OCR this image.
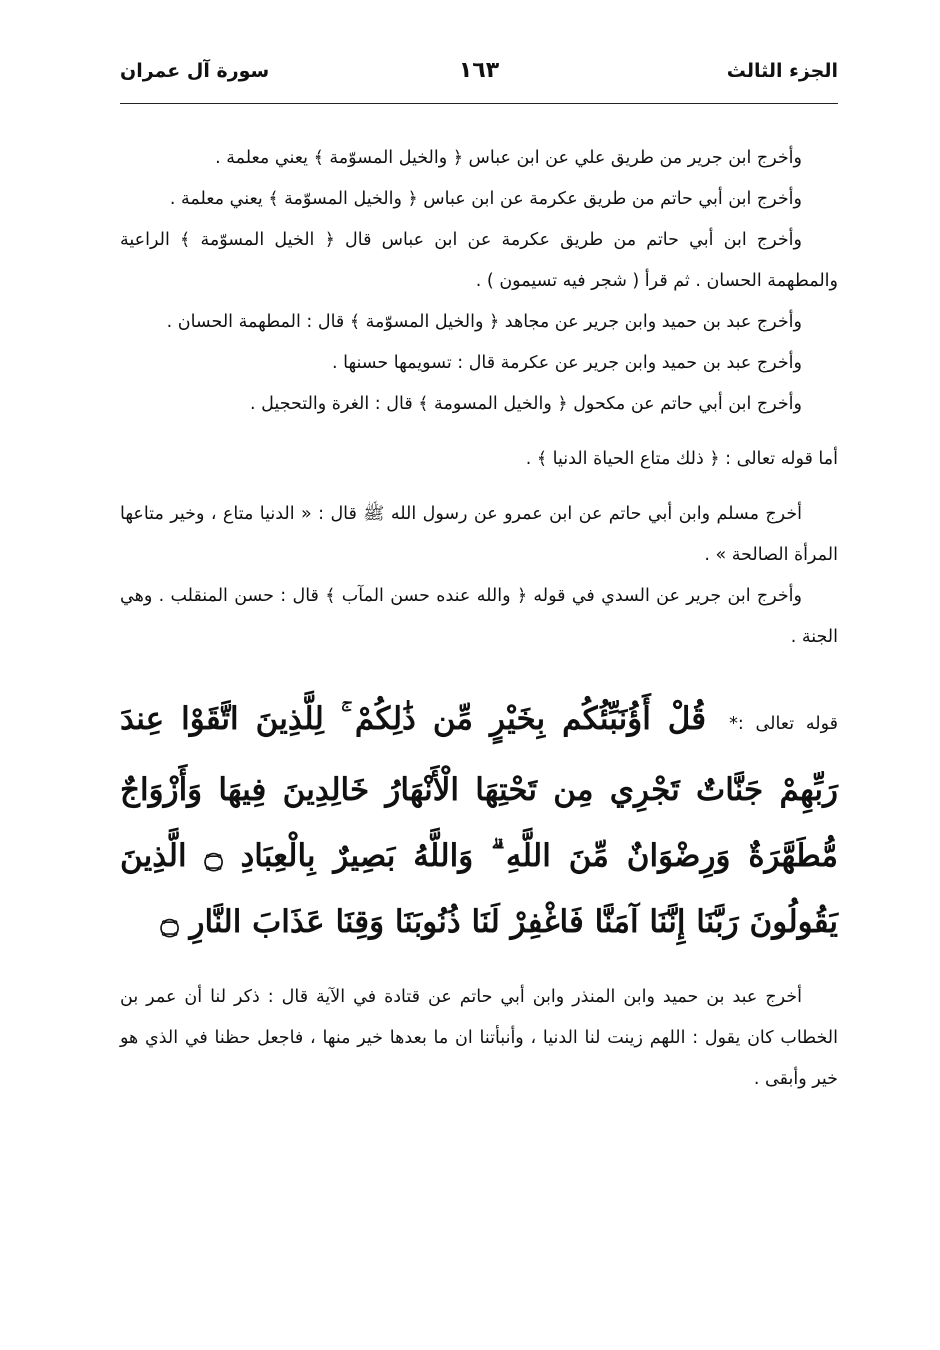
الجزء الثالث
١٦٣
سورة آل عمران

وأخرج ابن جرير من طريق علي عن ابن عباس ﴿ والخيل المسوّمة ﴾ يعني معلمة .

وأخرج ابن أبي حاتم من طريق عكرمة عن ابن عباس ﴿ والخيل المسوّمة ﴾ يعني معلمة .

وأخرج ابن أبي حاتم من طريق عكرمة عن ابن عباس قال ﴿ الخيل المسوّمة ﴾ الراعية والمطهمة الحسان . ثم قرأ ( شجر فيه تسيمون ) .

وأخرج عبد بن حميد وابن جرير عن مجاهد ﴿ والخيل المسوّمة ﴾ قال : المطهمة الحسان .

وأخرج عبد بن حميد وابن جرير عن عكرمة قال : تسويمها حسنها .

وأخرج ابن أبي حاتم عن مكحول ﴿ والخيل المسومة ﴾ قال : الغرة والتحجيل .

أما قوله تعالى : ﴿ ذلك متاع الحياة الدنيا ﴾ .

أخرج مسلم وابن أبي حاتم عن ابن عمرو عن رسول الله ﷺ قال : « الدنيا متاع ، وخير متاعها المرأة الصالحة » .

وأخرج ابن جرير عن السدي في قوله ﴿ والله عنده حسن المآب ﴾ قال : حسن المنقلب . وهي الجنة .

قوله تعالى :* قُلْ أَؤُنَبِّئُكُم بِخَيْرٍ مِّن ذَٰلِكُمْ ۚ لِلَّذِينَ اتَّقَوْا عِندَ رَبِّهِمْ جَنَّاتٌ تَجْرِي مِن تَحْتِهَا الْأَنْهَارُ خَالِدِينَ فِيهَا وَأَزْوَاجٌ مُّطَهَّرَةٌ وَرِضْوَانٌ مِّنَ اللَّهِ ۗ وَاللَّهُ بَصِيرٌ بِالْعِبَادِ ۝ الَّذِينَ يَقُولُونَ رَبَّنَا إِنَّنَا آمَنَّا فَاغْفِرْ لَنَا ذُنُوبَنَا وَقِنَا عَذَابَ النَّارِ ۝

أخرج عبد بن حميد وابن المنذر وابن أبي حاتم عن قتادة في الآية قال : ذكر لنا أن عمر بن الخطاب كان يقول : اللهم زينت لنا الدنيا ، وأنبأتنا ان ما بعدها خير منها ، فاجعل حظنا في الذي هو خير وأبقى .
